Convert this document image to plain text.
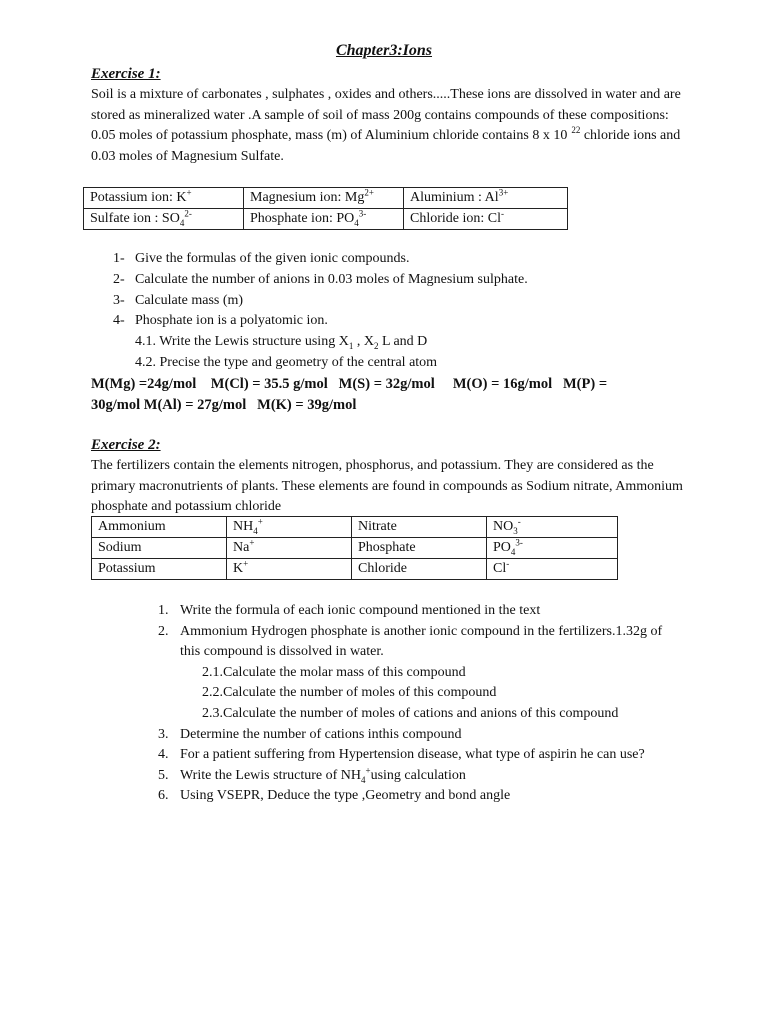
Chapter3:Ions
Exercise 1:
Soil is a mixture of carbonates , sulphates , oxides and others.....These ions are dissolved in water and are stored as mineralized water .A sample of soil of mass 200g contains compounds of these compositions: 0.05 moles of potassium phosphate, mass (m) of Aluminium chloride contains 8 x 10 $^{22}$ chloride ions and 0.03 moles of Magnesium Sulfate.
Potassium ion: K+	Magnesium ion: $Mg^{2+}$	Aluminium : $Al^{3+}$
Sulfate ion : $SO_4^{2-}$	Phosphate ion: $PO_4^{3-}$	Chloride ion: Cl-
1- Give the formulas of the given ionic compounds.
2- Calculate the number of anions in 0.03 moles of Magnesium sulphate.
3- Calculate mass (m)
4- Phosphate ion is a polyatomic ion.
4.1. Write the Lewis structure using $X_1$ , $X_2$ L and D
4.2. Precise the type and geometry of the central atom
M(Mg) =24g/mol    M(Cl) = 35.5 g/mol   M(S) = 32g/mol     M(O) = 16g/mol   M(P) =
30g/mol M(Al) = 27g/mol   M(K) = 39g/mol
Exercise 2:
The fertilizers contain the elements nitrogen, phosphorus, and potassium. They are considered as the primary macronutrients of plants. These elements are found in compounds as Sodium nitrate, Ammonium phosphate and potassium chloride
Ammonium	$NH_4^+$	Nitrate	$NO_3^-$
Sodium	Na+	Phosphate	$PO_4^{3-}$
Potassium	K+	Chloride	Cl-
1. Write the formula of each ionic compound mentioned in the text
2. Ammonium Hydrogen phosphate is another ionic compound in the fertilizers.1.32g of this compound is dissolved in water.
2.1.Calculate the molar mass of this compound
2.2.Calculate the number of moles of this compound
2.3.Calculate the number of moles of cations and anions of this compound
3. Determine the number of cations inthis compound
4. For a patient suffering from Hypertension disease, what type of aspirin he can use?
5. Write the Lewis structure of $NH_4^+using$ calculation
6. Using VSEPR, Deduce the type ,Geometry and bond angle
